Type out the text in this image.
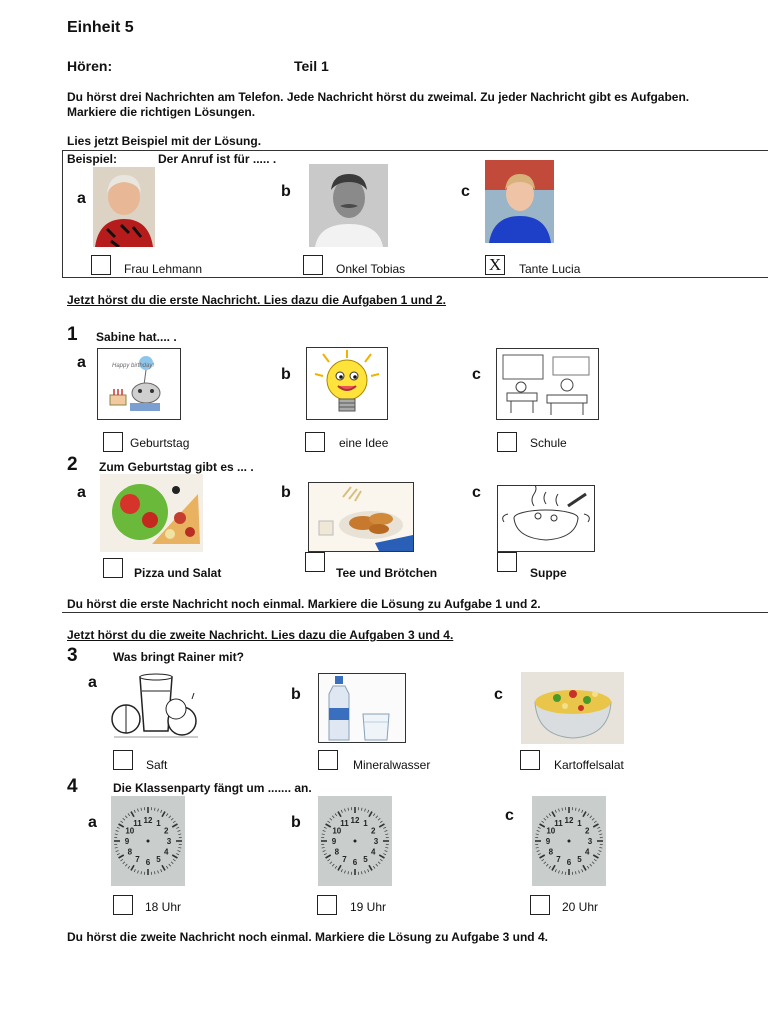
Einheit 5
Hören:	Teil 1
Du hörst drei Nachrichten am Telefon. Jede Nachricht hörst du zweimal. Zu jeder Nachricht gibt es Aufgaben.
Markiere die richtigen Lösungen.
Lies jetzt Beispiel mit der Lösung.
Beispiel:	Der Anruf ist für ..... .
a
Frau Lehmann
b
Onkel Tobias
c
X	Tante Lucia
Jetzt hörst du die erste Nachricht. Lies dazu die Aufgaben 1 und 2.
1 Sabine hat.... .
a	Happy birthday!
Geburtstag
b
eine Idee
c
Schule
2 Zum Geburtstag gibt es ... .
a
Pizza und Salat
b
Tee und Brötchen
c
Suppe
Du hörst die erste Nachricht noch einmal. Markiere die Lösung zu Aufgabe 1 und 2.
Jetzt hörst du die zweite Nachricht. Lies dazu die Aufgaben 3 und 4.
3	Was bringt Rainer mit?
a
Saft
b
Mineralwasser
c
Kartoffelsalat
4	Die Klassenparty fängt um ....... an.
a	1
2
3
4
5
6
7
8
9
10
11 12
18 Uhr
b	1
2
3
4
5
6
7
8
9
10
11 12
19 Uhr
c	1
2
3
4
5
6
7
8
9
10
11 12
20 Uhr
Du hörst die zweite Nachricht noch einmal. Markiere die Lösung zu Aufgabe 3 und 4.
